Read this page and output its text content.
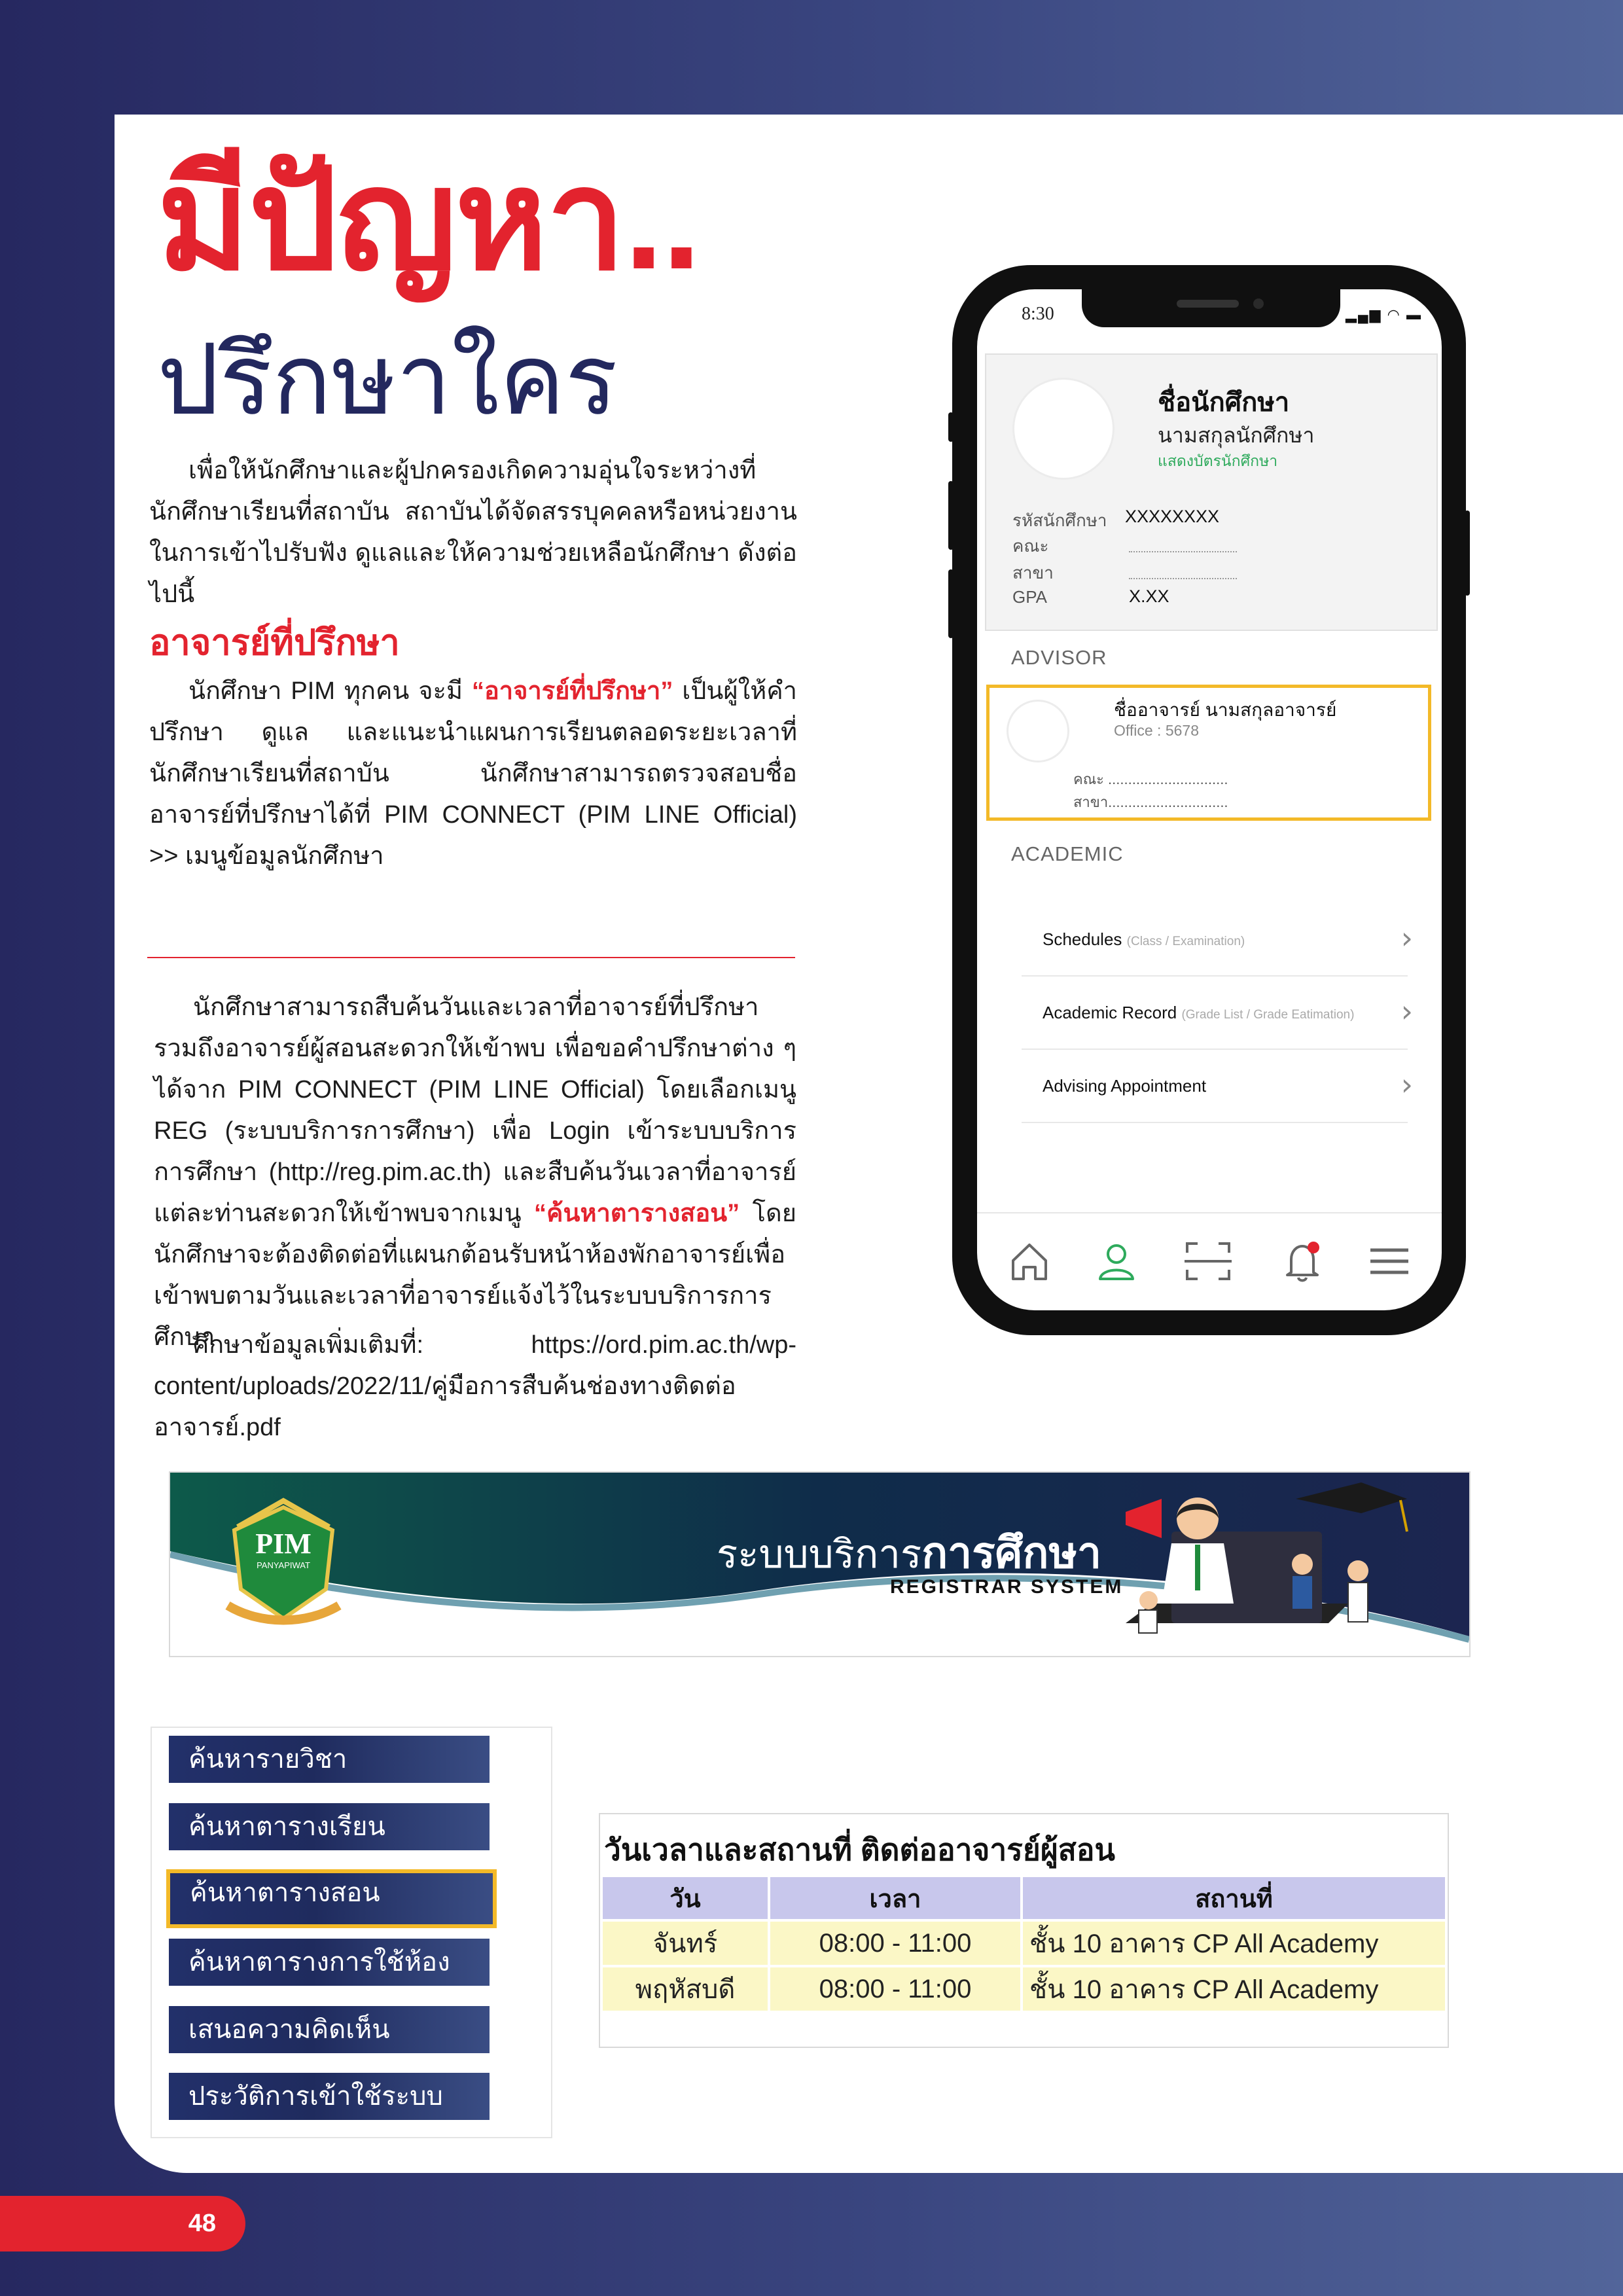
มีปัญหา..
ปรึกษาใคร
เพื่อให้นักศึกษาและผู้ปกครองเกิดความอุ่นใจระหว่างที่นักศึกษาเรียนที่สถาบัน สถาบันได้จัดสรรบุคคลหรือหน่วยงานในการเข้าไปรับฟัง ดูแลและให้ความช่วยเหลือนักศึกษา ดังต่อไปนี้
อาจารย์ที่ปรึกษา
นักศึกษา PIM ทุกคน จะมี “อาจารย์ที่ปรึกษา” เป็นผู้ให้คำปรึกษา ดูแล และแนะนำแผนการเรียนตลอดระยะเวลาที่นักศึกษาเรียนที่สถาบัน นักศึกษาสามารถตรวจสอบชื่ออาจารย์ที่ปรึกษาได้ที่ PIM CONNECT (PIM LINE Official) >> เมนูข้อมูลนักศึกษา
นักศึกษาสามารถสืบค้นวันและเวลาที่อาจารย์ที่ปรึกษา รวมถึงอาจารย์ผู้สอนสะดวกให้เข้าพบ เพื่อขอคำปรึกษาต่าง ๆ ได้จาก PIM CONNECT (PIM LINE Official) โดยเลือกเมนู REG (ระบบบริการการศึกษา) เพื่อ Login เข้าระบบบริการการศึกษา (http://reg.pim.ac.th) และสืบค้นวันเวลาที่อาจารย์แต่ละท่านสะดวกให้เข้าพบจากเมนู “ค้นหาตารางสอน” โดยนักศึกษาจะต้องติดต่อที่แผนกต้อนรับหน้าห้องพักอาจารย์เพื่อเข้าพบตามวันและเวลาที่อาจารย์แจ้งไว้ในระบบบริการการศึกษา
ศึกษาข้อมูลเพิ่มเติมที่: https://ord.pim.ac.th/wp-content/uploads/2022/11/คู่มือการสืบค้นช่องทางติดต่ออาจารย์.pdf
8:30	▂▄▆ ◠ ▬
ชื่อนักศึกษา
นามสกุลนักศึกษา
แสดงบัตรนักศึกษา
รหัสนักศึกษา XXXXXXXX
คณะ
สาขา
GPA	X.XX
ADVISOR
ชื่ออาจารย์ นามสกุลอาจารย์
Office : 5678
คณะ ..............................
สาขา..............................
ACADEMIC
Schedules (Class / Examination)	›
Academic Record (Grade List / Grade Eatimation) ›
Advising Appointment	›
PIM
PANYAPIWAT	ระบบบริการการศึกษา
REGISTRAR SYSTEM
ค้นหารายวิชา
ค้นหาตารางเรียน
ค้นหาตารางสอน
ค้นหาตารางการใช้ห้อง
เสนอความคิดเห็น
ประวัติการเข้าใช้ระบบ
วันเวลาและสถานที่ ติดต่ออาจารย์ผู้สอน
วัน	เวลา	สถานที่
จันทร์	08:00 - 11:00	ชั้น 10 อาคาร CP All Academy
พฤหัสบดี	08:00 - 11:00	ชั้น 10 อาคาร CP All Academy
48
